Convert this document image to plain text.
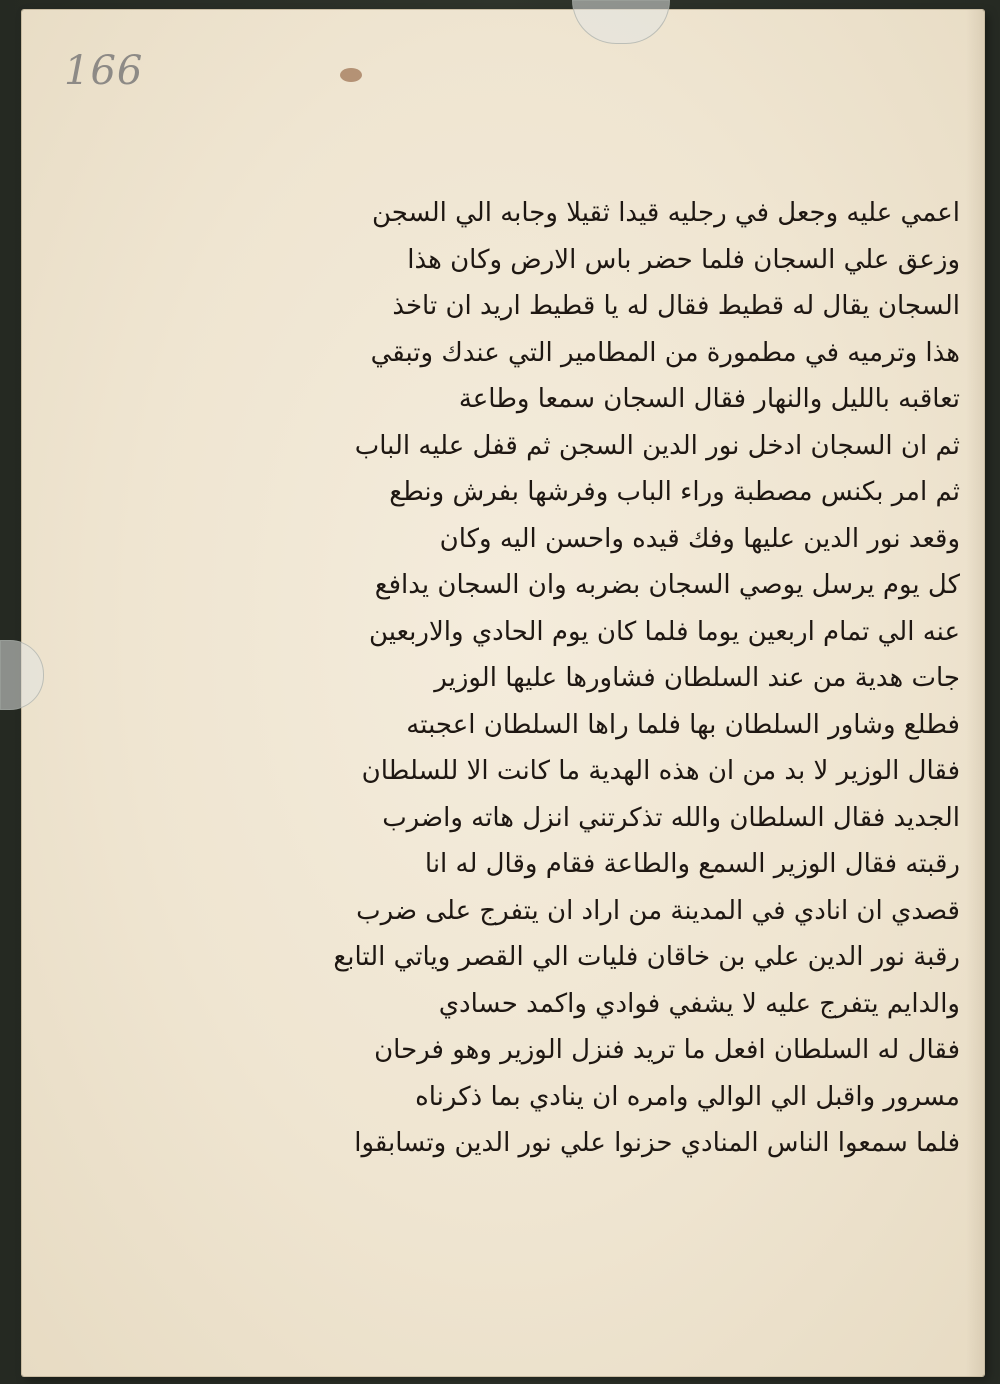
166
اعمي عليه وجعل في رجليه قيدا ثقيلا وجابه الي السجن
وزعق علي السجان فلما حضر باس الارض وكان هذا
السجان يقال له قطيط فقال له يا قطيط اريد ان تاخذ
هذا وترميه في مطمورة من المطامير التي عندك وتبقي
تعاقبه بالليل والنهار فقال السجان سمعا وطاعة
ثم ان السجان ادخل نور الدين السجن ثم قفل عليه الباب
ثم امر بكنس مصطبة وراء الباب وفرشها بفرش ونطع
وقعد نور الدين عليها وفك قيده واحسن اليه وكان
كل يوم يرسل يوصي السجان بضربه وان السجان يدافع
عنه الي تمام اربعين يوما فلما كان يوم الحادي والاربعين
جات هدية من عند السلطان فشاورها عليها الوزير
فطلع وشاور السلطان بها فلما راها السلطان اعجبته
فقال الوزير لا بد من ان هذه الهدية ما كانت الا للسلطان
الجديد فقال السلطان والله تذكرتني انزل هاته واضرب
رقبته فقال الوزير السمع والطاعة فقام وقال له انا
قصدي ان انادي في المدينة من اراد ان يتفرج على ضرب
رقبة نور الدين علي بن خاقان فليات الي القصر وياتي التابع
والدايم يتفرج عليه لا يشفي فوادي واكمد حسادي
فقال له السلطان افعل ما تريد فنزل الوزير وهو فرحان
مسرور واقبل الي الوالي وامره ان ينادي بما ذكرناه
فلما سمعوا الناس المنادي حزنوا علي نور الدين وتسابقوا
